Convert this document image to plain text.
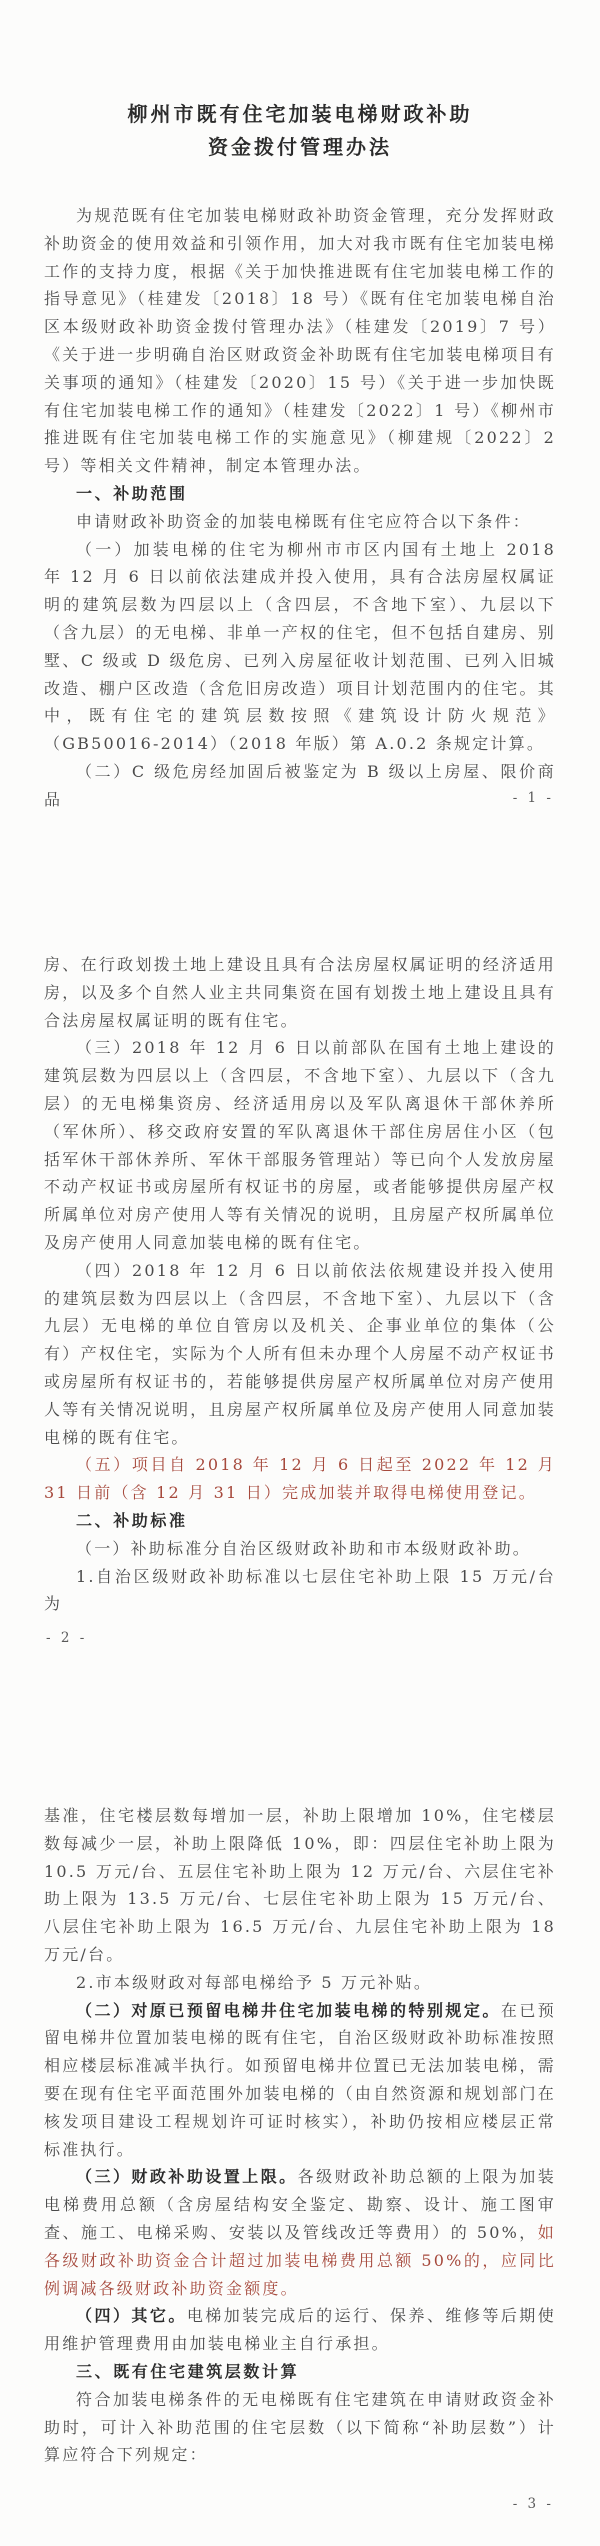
柳州市既有住宅加装电梯财政补助
资金拨付管理办法

为规范既有住宅加装电梯财政补助资金管理，充分发挥财政补助资金的使用效益和引领作用，加大对我市既有住宅加装电梯工作的支持力度，根据《关于加快推进既有住宅加装电梯工作的指导意见》（桂建发〔2018〕18 号）《既有住宅加装电梯自治区本级财政补助资金拨付管理办法》（桂建发〔2019〕7 号）《关于进一步明确自治区财政资金补助既有住宅加装电梯项目有关事项的通知》（桂建发〔2020〕15 号）《关于进一步加快既有住宅加装电梯工作的通知》（桂建发〔2022〕1 号）《柳州市推进既有住宅加装电梯工作的实施意见》（柳建规〔2022〕2 号）等相关文件精神，制定本管理办法。

一、补助范围

申请财政补助资金的加装电梯既有住宅应符合以下条件：

（一）加装电梯的住宅为柳州市市区内国有土地上 2018 年 12 月 6 日以前依法建成并投入使用，具有合法房屋权属证明的建筑层数为四层以上（含四层，不含地下室）、九层以下（含九层）的无电梯、非单一产权的住宅，但不包括自建房、别墅、C 级或 D 级危房、已列入房屋征收计划范围、已列入旧城改造、棚户区改造（含危旧房改造）项目计划范围内的住宅。其中，既有住宅的建筑层数按照《建筑设计防火规范》（GB50016-2014）（2018 年版）第 A.0.2 条规定计算。

（二）C 级危房经加固后被鉴定为 B 级以上房屋、限价商品	- 1 -

房、在行政划拨土地上建设且具有合法房屋权属证明的经济适用房，以及多个自然人业主共同集资在国有划拨土地上建设且具有合法房屋权属证明的既有住宅。

（三）2018 年 12 月 6 日以前部队在国有土地上建设的建筑层数为四层以上（含四层，不含地下室）、九层以下（含九层）的无电梯集资房、经济适用房以及军队离退休干部休养所（军休所）、移交政府安置的军队离退休干部住房居住小区（包括军休干部休养所、军休干部服务管理站）等已向个人发放房屋不动产权证书或房屋所有权证书的房屋，或者能够提供房屋产权所属单位对房产使用人等有关情况的说明，且房屋产权所属单位及房产使用人同意加装电梯的既有住宅。

（四）2018 年 12 月 6 日以前依法依规建设并投入使用的建筑层数为四层以上（含四层，不含地下室）、九层以下（含九层）无电梯的单位自管房以及机关、企事业单位的集体（公有）产权住宅，实际为个人所有但未办理个人房屋不动产权证书或房屋所有权证书的，若能够提供房屋产权所属单位对房产使用人等有关情况说明，且房屋产权所属单位及房产使用人同意加装电梯的既有住宅。

（五）项目自 2018 年 12 月 6 日起至 2022 年 12 月 31 日前（含 12 月 31 日）完成加装并取得电梯使用登记。

二、补助标准

（一）补助标准分自治区级财政补助和市本级财政补助。

1.自治区级财政补助标准以七层住宅补助上限 15 万元/台为

- 2 -

基准，住宅楼层数每增加一层，补助上限增加 10%，住宅楼层数每减少一层，补助上限降低 10%，即：四层住宅补助上限为 10.5 万元/台、五层住宅补助上限为 12 万元/台、六层住宅补助上限为 13.5 万元/台、七层住宅补助上限为 15 万元/台、八层住宅补助上限为 16.5 万元/台、九层住宅补助上限为 18 万元/台。

2.市本级财政对每部电梯给予 5 万元补贴。

（二）对原已预留电梯井住宅加装电梯的特别规定。在已预留电梯井位置加装电梯的既有住宅，自治区级财政补助标准按照相应楼层标准减半执行。如预留电梯井位置已无法加装电梯，需要在现有住宅平面范围外加装电梯的（由自然资源和规划部门在核发项目建设工程规划许可证时核实），补助仍按相应楼层正常标准执行。

（三）财政补助设置上限。各级财政补助总额的上限为加装电梯费用总额（含房屋结构安全鉴定、勘察、设计、施工图审查、施工、电梯采购、安装以及管线改迁等费用）的 50%，如各级财政补助资金合计超过加装电梯费用总额 50%的，应同比例调减各级财政补助资金额度。

（四）其它。电梯加装完成后的运行、保养、维修等后期使用维护管理费用由加装电梯业主自行承担。

三、既有住宅建筑层数计算

符合加装电梯条件的无电梯既有住宅建筑在申请财政资金补助时，可计入补助范围的住宅层数（以下简称“补助层数”）计算应符合下列规定：

- 3 -
